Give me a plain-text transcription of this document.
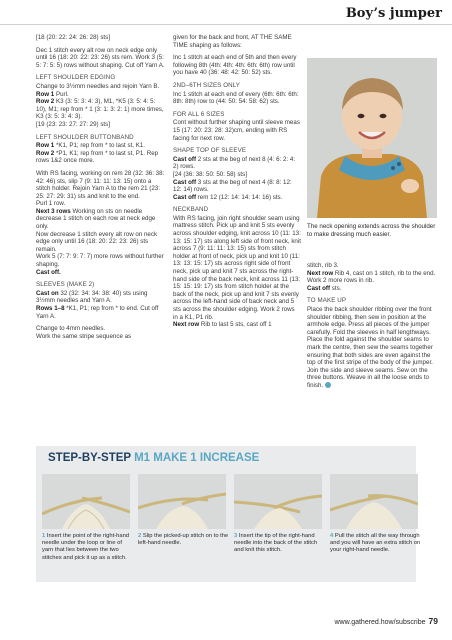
Boy’s jumper

[18 (20: 22: 24: 26: 28) sts]

Dec 1 stitch every alt row on neck edge only until 16 (18: 20: 22: 23: 26) sts rem. Work 3 (5: 5: 7: 5: 5) rows without shaping. Cut off Yarn A.

LEFT SHOULDER EDGING

Change to 3½mm needles and rejoin Yarn B.

Row 1 Purl.

Row 2 K3 (3: 5: 3: 4: 3), M1, *K5 (3: 5: 4: 5: 10), M1; rep from * 1 (3: 1: 3: 2: 1) more times, K3 (3: 5: 3: 4: 3).

[19 (23: 23: 27: 27: 29) sts]

LEFT SHOULDER BUTTONBAND

Row 1 *K1, P1; rep from * to last st, K1.

Row 2 *P1, K1; rep from * to last st, P1. Rep rows 1&2 once more.

With RS facing, working on rem 28 (32: 36: 38: 42: 46) sts, slip 7 (9: 11: 11: 13: 15) onto a stitch holder. Rejoin Yarn A to the rem 21 (23: 25: 27: 29: 31) sts and knit to the end.

Purl 1 row.

Next 3 rows Working on sts on needle decrease 1 stitch on each row at neck edge only.

Now decrease 1 stitch every alt row on neck edge only until 16 (18: 20: 22: 23: 26) sts remain.

Work 5 (7: 7: 9: 7: 7) more rows without further shaping.

Cast off.

SLEEVES (MAKE 2)

Cast on 32 (32: 34: 34: 38: 40) sts using 3½mm needles and Yarn A.

Rows 1–8 *K1, P1; rep from * to end. Cut off Yarn A.

Change to 4mm needles.

Work the same stripe sequence as

given for the back and front, AT THE SAME TIME shaping as follows:

Inc 1 stitch at each end of 5th and then every following 8th (4th: 4th: 4th: 6th: 6th) row until you have 40 (36: 48: 42: 50: 52) sts.

2ND–6TH SIZES ONLY

Inc 1 stitch at each end of every (6th: 6th: 6th: 8th: 8th) row to (44: 50: 54: 58: 62) sts.

FOR ALL 6 SIZES

Cont without further shaping until sleeve meas 15 (17: 20: 23: 28: 32)cm, ending with RS facing for next row.

SHAPE TOP OF SLEEVE

Cast off 2 sts at the beg of next 8 (4: 6: 2: 4: 2) rows.

[24 (36: 38: 50: 50: 58) sts]

Cast off 3 sts at the beg of next 4 (8: 8: 12: 12: 14) rows.

Cast off rem 12 (12: 14: 14: 14: 16) sts.

NECKBAND

With RS facing, join right shoulder seam using mattress stitch. Pick up and knit 5 sts evenly across shoulder edging, knit across 10 (11: 13: 13: 15: 17) sts along left side of front neck, knit across 7 (9: 11: 11: 13: 15) sts from stitch holder at front of neck, pick up and knit 10 (11: 13: 13: 15: 17) sts across right side of front neck, pick up and knit 7 sts across the right-hand side of the back neck, knit across 11 (13: 15: 15: 19: 17) sts from stitch holder at the back of the neck, pick up and knit 7 sts evenly across the left-hand side of back neck and 5 sts across the shoulder edging. Work 2 rows in a K1, P1 rib.

Next row Rib to last 5 sts, cast off 1

The neck opening extends across the shoulder to make dressing much easier.

stitch, rib 3.

Next row Rib 4, cast on 1 stitch, rib to the end.

Work 2 more rows in rib.

Cast off sts.

TO MAKE UP

Place the back shoulder ribbing over the front shoulder ribbing, then sew in position at the armhole edge. Press all pieces of the jumper carefully. Fold the sleeves in half lengthways. Place the fold against the shoulder seams to mark the centre, then sew the seams together ensuring that both sides are even against the top of the first stripe of the body of the jumper. Join the side and sleeve seams. Sew on the three buttons. Weave in all the loose ends to finish.

STEP-BY-STEP M1 MAKE 1 INCREASE
1 Insert the point of the right-hand needle under the loop or line of yarn that lies between the two stitches and pick it up as a stitch.
2 Slip the picked-up stitch on to the left-hand needle.
3 Insert the tip of the right-hand needle into the back of the stitch and knit this stitch.
4 Pull the stitch all the way through and you will have an extra stitch on your right-hand needle.
www.gathered.how/subscribe 79
